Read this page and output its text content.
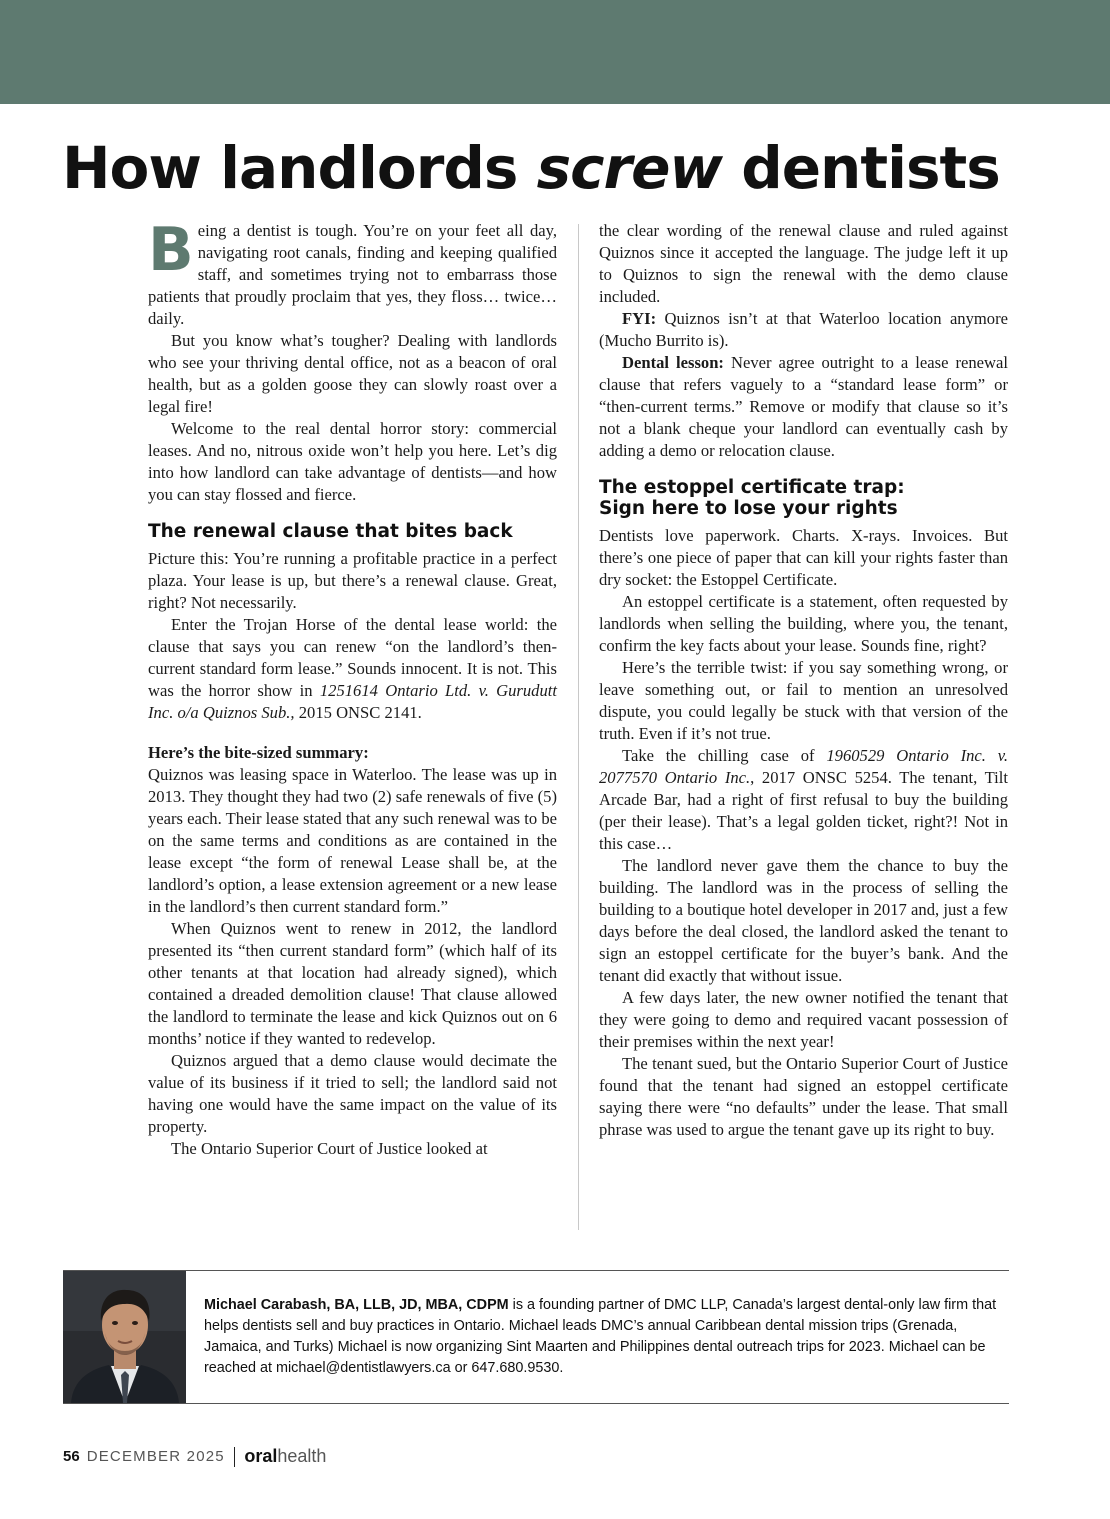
How landlords screw dentists

Being a dentist is tough. You’re on your feet all day, navigating root canals, finding and keeping qualified staff, and sometimes trying not to embarrass those patients that proudly proclaim that yes, they floss… twice… daily.

But you know what’s tougher? Dealing with landlords who see your thriving dental office, not as a beacon of oral health, but as a golden goose they can slowly roast over a legal fire!

Welcome to the real dental horror story: commercial leases. And no, nitrous oxide won’t help you here. Let’s dig into how landlord can take advantage of dentists—and how you can stay flossed and fierce.

The renewal clause that bites back

Picture this: You’re running a profitable practice in a perfect plaza. Your lease is up, but there’s a renewal clause. Great, right? Not necessarily.

Enter the Trojan Horse of the dental lease world: the clause that says you can renew “on the landlord’s then-current standard form lease.” Sounds innocent. It is not. This was the horror show in 1251614 Ontario Ltd. v. Gurudutt Inc. o/a Quiznos Sub., 2015 ONSC 2141.

Here’s the bite-sized summary:

Quiznos was leasing space in Waterloo. The lease was up in 2013. They thought they had two (2) safe renewals of five (5) years each. Their lease stated that any such renewal was to be on the same terms and conditions as are contained in the lease except “the form of renewal Lease shall be, at the landlord’s option, a lease extension agreement or a new lease in the landlord’s then current standard form.”

When Quiznos went to renew in 2012, the landlord presented its “then current standard form” (which half of its other tenants at that location had already signed), which contained a dreaded demolition clause! That clause allowed the landlord to terminate the lease and kick Quiznos out on 6 months’ notice if they wanted to redevelop.

Quiznos argued that a demo clause would decimate the value of its business if it tried to sell; the landlord said not having one would have the same impact on the value of its property.

The Ontario Superior Court of Justice looked at

the clear wording of the renewal clause and ruled against Quiznos since it accepted the language. The judge left it up to Quiznos to sign the renewal with the demo clause included.

FYI: Quiznos isn’t at that Waterloo location anymore (Mucho Burrito is).

Dental lesson: Never agree outright to a lease renewal clause that refers vaguely to a “standard lease form” or “then-current terms.” Remove or modify that clause so it’s not a blank cheque your landlord can eventually cash by adding a demo or relocation clause.

The estoppel certificate trap:
Sign here to lose your rights

Dentists love paperwork. Charts. X-rays. Invoices. But there’s one piece of paper that can kill your rights faster than dry socket: the Estoppel Certificate.

An estoppel certificate is a statement, often requested by landlords when selling the building, where you, the tenant, confirm the key facts about your lease. Sounds fine, right?

Here’s the terrible twist: if you say something wrong, or leave something out, or fail to mention an unresolved dispute, you could legally be stuck with that version of the truth. Even if it’s not true.

Take the chilling case of 1960529 Ontario Inc. v. 2077570 Ontario Inc., 2017 ONSC 5254. The tenant, Tilt Arcade Bar, had a right of first refusal to buy the building (per their lease). That’s a legal golden ticket, right?! Not in this case…

The landlord never gave them the chance to buy the building. The landlord was in the process of selling the building to a boutique hotel developer in 2017 and, just a few days before the deal closed, the landlord asked the tenant to sign an estoppel certificate for the buyer’s bank. And the tenant did exactly that without issue.

A few days later, the new owner notified the tenant that they were going to demo and required vacant possession of their premises within the next year!

The tenant sued, but the Ontario Superior Court of Justice found that the tenant had signed an estoppel certificate saying there were “no defaults” under the lease. That small phrase was used to argue the tenant gave up its right to buy.

Michael Carabash, BA, LLB, JD, MBA, CDPM is a founding partner of DMC LLP, Canada’s largest dental-only law firm that helps dentists sell and buy practices in Ontario. Michael leads DMC’s annual Caribbean dental mission trips (Grenada, Jamaica, and Turks) Michael is now organizing Sint Maarten and Philippines dental outreach trips for 2023. Michael can be reached at michael@dentistlawyers.ca or 647.680.9530.

56 DECEMBER 2025 oral health
